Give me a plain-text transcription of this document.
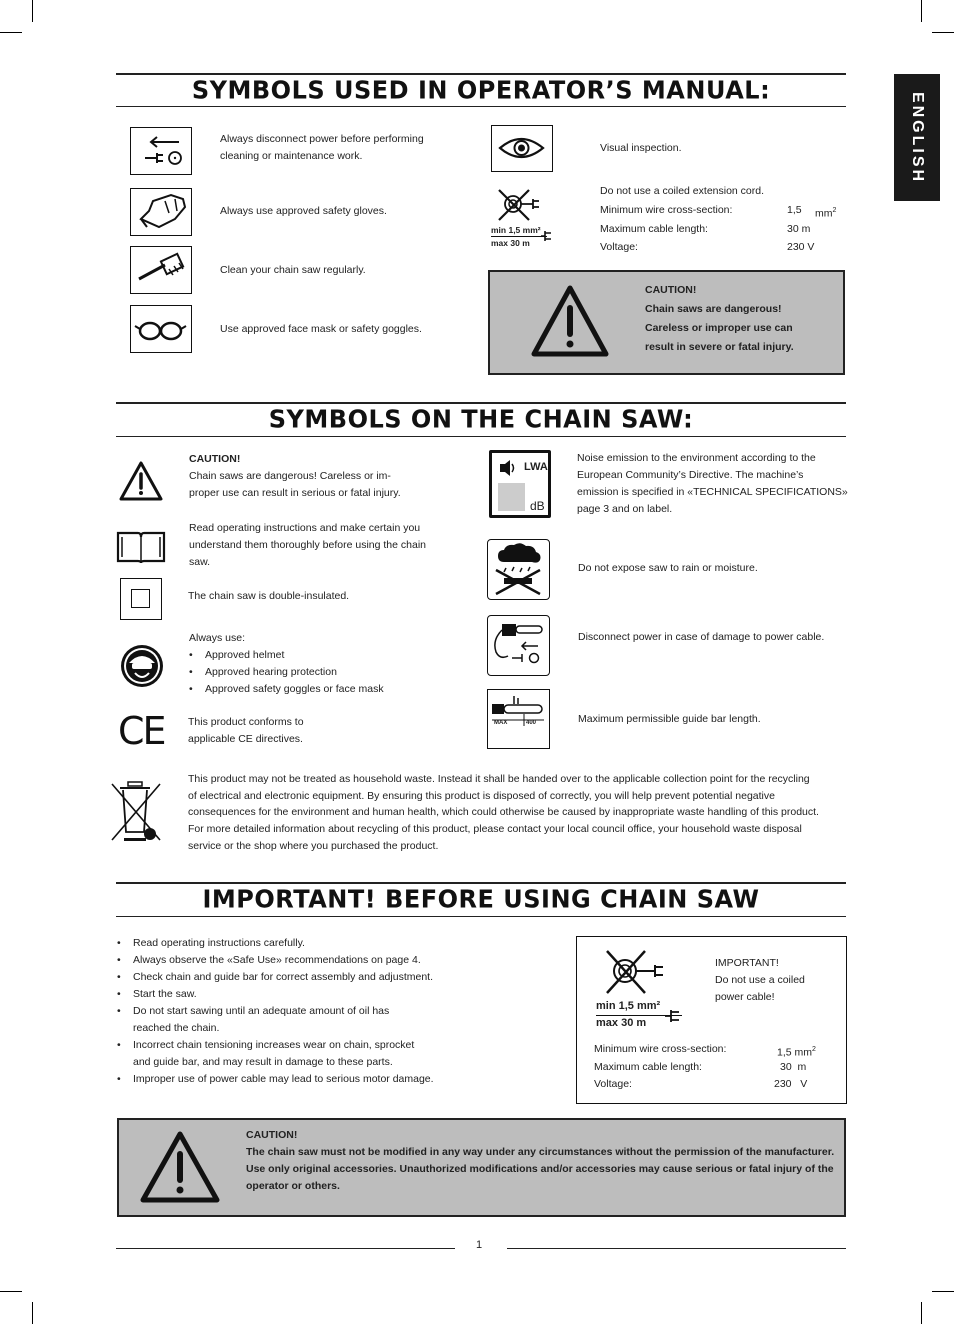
ENGLISH
SYMBOLS USED IN OPERATOR’S MANUAL:
Always disconnect power before performing
cleaning or maintenance work.
Always use approved safety gloves.
Clean your chain saw regularly.
Use approved face mask or safety goggles.
Visual inspection.
min 1,5 mm²
max 30 m
Do not use a coiled extension cord.
Minimum wire cross-section:	1,5 $mm^2$
Maximum cable length:	30 m
Voltage:	230 V
CAUTION!
Chain saws are dangerous!
Careless or improper use can
result in severe or fatal injury.
SYMBOLS ON THE CHAIN SAW:
CAUTION!
Chain saws are dangerous! Careless or im-
proper use can result in serious or fatal injury.
Read operating instructions and make certain you
understand them thoroughly before using the chain
saw.
The chain saw is double-insulated.
Always use:
• Approved helmet
• Approved hearing protection
• Approved safety goggles or face mask
CE This product conforms to
applicable CE directives.
LWA
dB
Noise emission to the environment according to the
European Community’s Directive. The machine’s
emission is specified in «TECHNICAL SPECIFICATIONS»
page 3 and on label.
Do not expose saw to rain or moisture.
Disconnect power in case of damage to power cable.
MAX	400	Maximum permissible guide bar length.
This product may not be treated as household waste. Instead it shall be handed over to the applicable collection point for the recycling
of electrical and electronic equipment. By ensuring this product is disposed of correctly, you will help prevent potential negative
consequences for the environment and human health, which could otherwise be caused by inappropriate waste handling of this product.
For more detailed information about recycling of this product, please contact your local council office, your household waste disposal
service or the shop where you purchased the product.
IMPORTANT! BEFORE USING CHAIN SAW
• Read operating instructions carefully.
• Always observe the «Safe Use» recommendations on page 4.
• Check chain and guide bar for correct assembly and adjustment.
• Start the saw.
• Do not start sawing until an adequate amount of oil has
reached the chain.
• Incorrect chain tensioning increases wear on chain, sprocket
and guide bar, and may result in damage to these parts.
• Improper use of power cable may lead to serious motor damage.
min 1,5 mm²
max 30 m
IMPORTANT!
Do not use a coiled
power cable!
Minimum wire cross-section:	1,5 $mm^2$
Maximum cable length:	30  m
Voltage:	230   V
CAUTION!
The chain saw must not be modified in any way under any circumstances without the permission of the manufacturer.
Use only original accessories. Unauthorized modifications and/or accessories may cause serious or fatal injury of the
operator or others.
1
